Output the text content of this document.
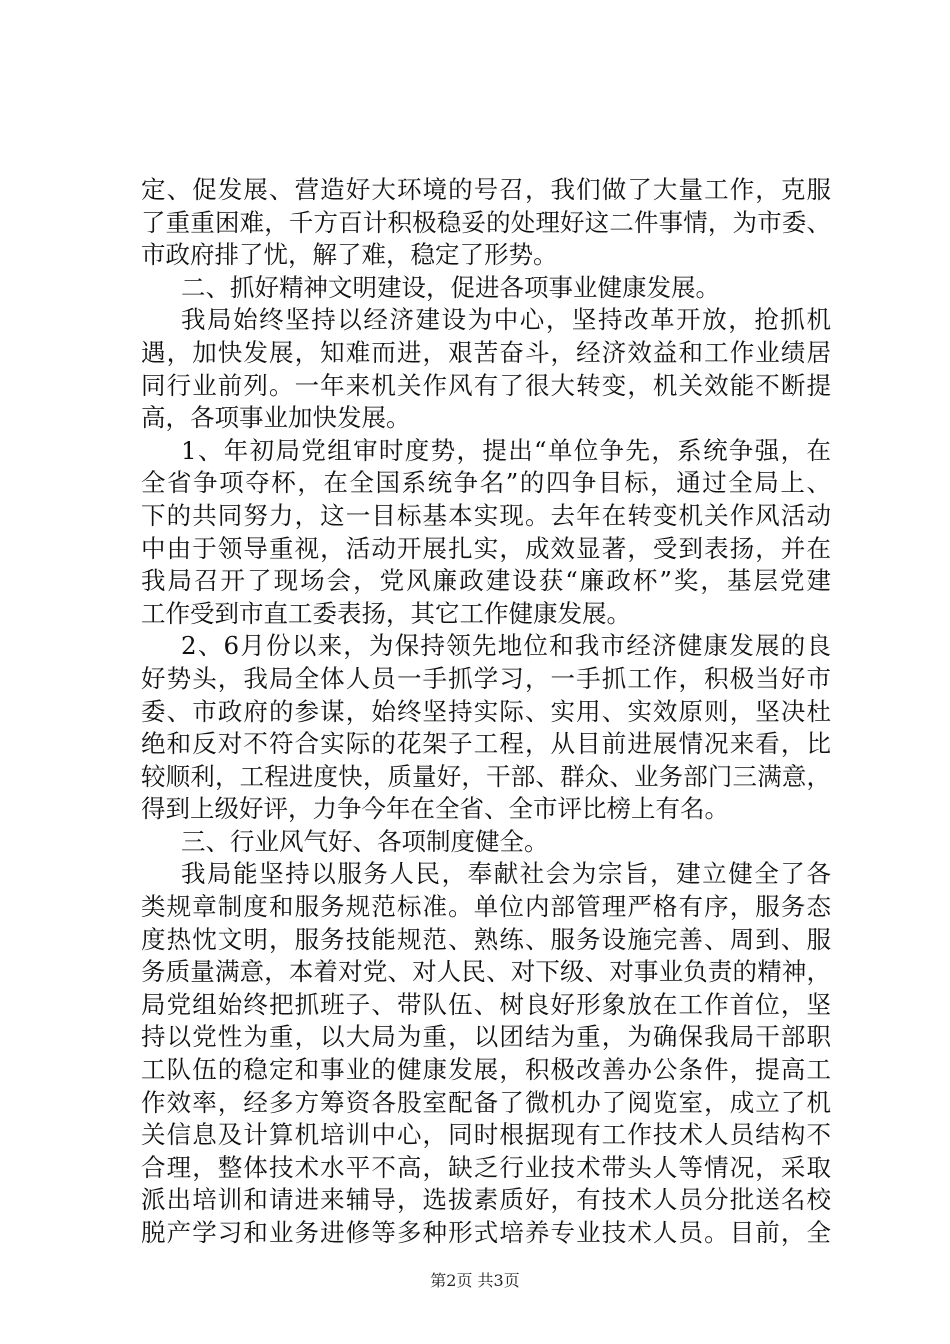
定、促发展、营造好大环境的号召，我们做了大量工作，克服
了重重困难，千方百计积极稳妥的处理好这二件事情，为市委、
市政府排了忧，解了难，稳定了形势。
二、抓好精神文明建设，促进各项事业健康发展。
我局始终坚持以经济建设为中心，坚持改革开放，抢抓机
遇，加快发展，知难而进，艰苦奋斗，经济效益和工作业绩居
同行业前列。一年来机关作风有了很大转变，机关效能不断提
高，各项事业加快发展。
1、年初局党组审时度势，提出“单位争先，系统争强，在
全省争项夺杯，在全国系统争名”的四争目标，通过全局上、
下的共同努力，这一目标基本实现。去年在转变机关作风活动
中由于领导重视，活动开展扎实，成效显著，受到表扬，并在
我局召开了现场会，党风廉政建设获“廉政杯”奖，基层党建
工作受到市直工委表扬，其它工作健康发展。
2、6月份以来，为保持领先地位和我市经济健康发展的良
好势头，我局全体人员一手抓学习，一手抓工作，积极当好市
委、市政府的参谋，始终坚持实际、实用、实效原则，坚决杜
绝和反对不符合实际的花架子工程，从目前进展情况来看，比
较顺利，工程进度快，质量好，干部、群众、业务部门三满意，
得到上级好评，力争今年在全省、全市评比榜上有名。
三、行业风气好、各项制度健全。
我局能坚持以服务人民，奉献社会为宗旨，建立健全了各
类规章制度和服务规范标准。单位内部管理严格有序，服务态
度热忱文明，服务技能规范、熟练、服务设施完善、周到、服
务质量满意，本着对党、对人民、对下级、对事业负责的精神，
局党组始终把抓班子、带队伍、树良好形象放在工作首位，坚
持以党性为重，以大局为重，以团结为重，为确保我局干部职
工队伍的稳定和事业的健康发展，积极改善办公条件，提高工
作效率，经多方筹资各股室配备了微机办了阅览室，成立了机
关信息及计算机培训中心，同时根据现有工作技术人员结构不
合理，整体技术水平不高，缺乏行业技术带头人等情况，采取
派出培训和请进来辅导，选拔素质好，有技术人员分批送名校
脱产学习和业务进修等多种形式培养专业技术人员。目前，全
第2页 共3页
